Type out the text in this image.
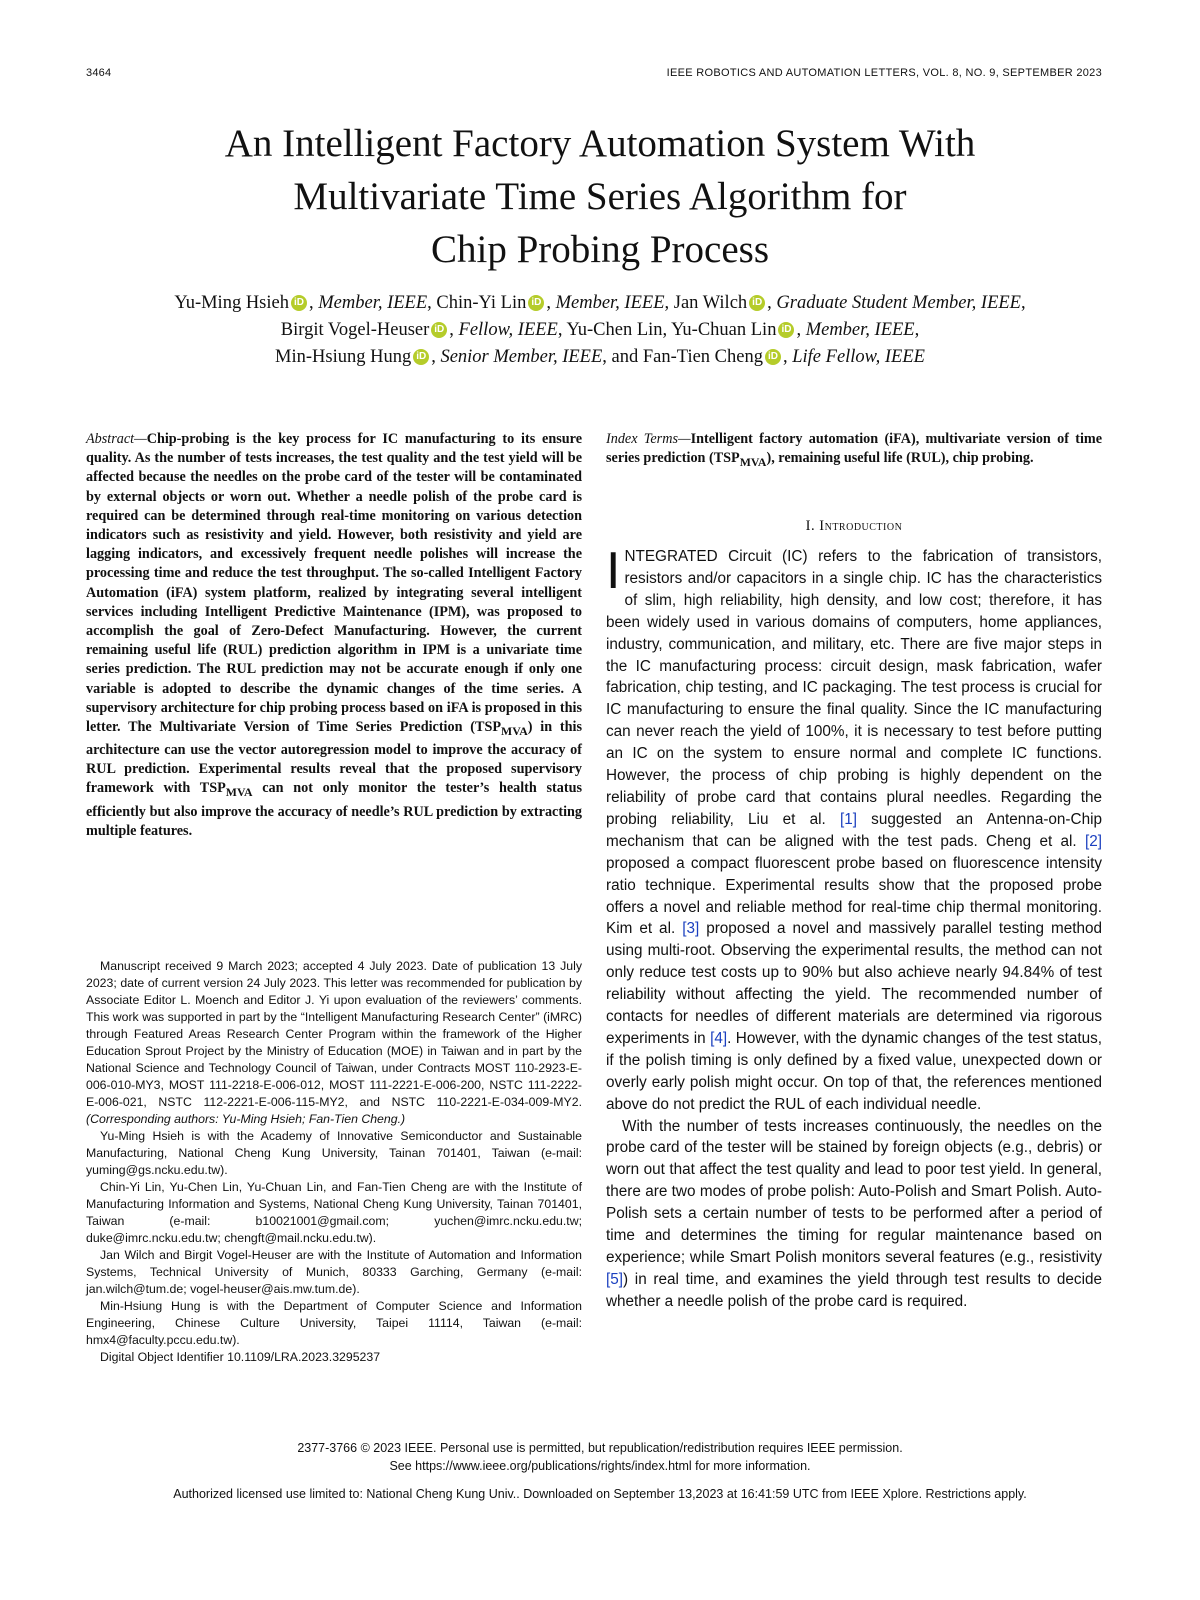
3464	IEEE ROBOTICS AND AUTOMATION LETTERS, VOL. 8, NO. 9, SEPTEMBER 2023
An Intelligent Factory Automation System With
Multivariate Time Series Algorithm for
Chip Probing Process
Yu-Ming Hsieh iD , Member, IEEE, Chin-Yi Lin iD , Member, IEEE, Jan Wilch iD , Graduate Student Member, IEEE,
Birgit Vogel-Heuser iD , Fellow, IEEE, Yu-Chen Lin, Yu-Chuan Lin iD , Member, IEEE,
Min-Hsiung Hung iD , Senior Member, IEEE, and Fan-Tien Cheng iD , Life Fellow, IEEE
Abstract—Chip-probing is the key process for IC manufacturing to its ensure quality. As the number of tests increases, the test quality and the test yield will be affected because the needles on the probe card of the tester will be contaminated by external objects or worn out. Whether a needle polish of the probe card is required can be determined through real-time monitoring on various detection indicators such as resistivity and yield. However, both resistivity and yield are lagging indicators, and excessively frequent needle polishes will increase the processing time and reduce the test throughput. The so-called Intelligent Factory Automation (iFA) system platform, realized by integrating several intelligent services including Intelligent Predictive Maintenance (IPM), was proposed to accomplish the goal of Zero-Defect Manufacturing. However, the current remaining useful life (RUL) prediction algorithm in IPM is a univariate time series prediction. The RUL prediction may not be accurate enough if only one variable is adopted to describe the dynamic changes of the time series. A supervisory architecture for chip probing process based on iFA is proposed in this letter. The Multivariate Version of Time Series Prediction $(TSP_{MVA})$ in this architecture can use the vector autoregression model to improve the accuracy of RUL prediction. Experimental results reveal that the proposed supervisory framework with $TSP_{MVA}$ can not only monitor the tester’s health status efficiently but also improve the accuracy of needle’s RUL prediction by extracting multiple features.
Index Terms—Intelligent factory automation (iFA), multivariate version of time series prediction $(TSP_{MVA})$, remaining useful life (RUL), chip probing.
I. Introduction

INTEGRATED Circuit (IC) refers to the fabrication of transistors, resistors and/or capacitors in a single chip. IC has the characteristics of slim, high reliability, high density, and low cost; therefore, it has been widely used in various domains of computers, home appliances, industry, communication, and military, etc. There are five major steps in the IC manufacturing process: circuit design, mask fabrication, wafer fabrication, chip testing, and IC packaging. The test process is crucial for IC manufacturing to ensure the final quality. Since the IC manufacturing can never reach the yield of 100%, it is necessary to test before putting an IC on the system to ensure normal and complete IC functions. However, the process of chip probing is highly dependent on the reliability of probe card that contains plural needles. Regarding the probing reliability, Liu et al. [1] suggested an Antenna-on-Chip mechanism that can be aligned with the test pads. Cheng et al. [2] proposed a compact fluorescent probe based on fluorescence intensity ratio technique. Experimental results show that the proposed probe offers a novel and reliable method for real-time chip thermal monitoring. Kim et al. [3] proposed a novel and massively parallel testing method using multi-root. Observing the experimental results, the method can not only reduce test costs up to 90% but also achieve nearly 94.84% of test reliability without affecting the yield. The recommended number of contacts for needles of different materials are determined via rigorous experiments in [4]. However, with the dynamic changes of the test status, if the polish timing is only defined by a fixed value, unexpected down or overly early polish might occur. On top of that, the references mentioned above do not predict the RUL of each individual needle.

With the number of tests increases continuously, the needles on the probe card of the tester will be stained by foreign objects (e.g., debris) or worn out that affect the test quality and lead to poor test yield. In general, there are two modes of probe polish: Auto-Polish and Smart Polish. Auto-Polish sets a certain number of tests to be performed after a period of time and determines the timing for regular maintenance based on experience; while Smart Polish monitors several features (e.g., resistivity [5]) in real time, and examines the yield through test results to decide whether a needle polish of the probe card is required.

Manuscript received 9 March 2023; accepted 4 July 2023. Date of publication 13 July 2023; date of current version 24 July 2023. This letter was recommended for publication by Associate Editor L. Moench and Editor J. Yi upon evaluation of the reviewers’ comments. This work was supported in part by the “Intelligent Manufacturing Research Center” (iMRC) through Featured Areas Research Center Program within the framework of the Higher Education Sprout Project by the Ministry of Education (MOE) in Taiwan and in part by the National Science and Technology Council of Taiwan, under Contracts MOST 110-2923-E-006-010-MY3, MOST 111-2218-E-006-012, MOST 111-2221-E-006-200, NSTC 111-2222-E-006-021, NSTC 112-2221-E-006-115-MY2, and NSTC 110-2221-E-034-009-MY2. (Corresponding authors: Yu-Ming Hsieh; Fan-Tien Cheng.)

Yu-Ming Hsieh is with the Academy of Innovative Semiconductor and Sustainable Manufacturing, National Cheng Kung University, Tainan 701401, Taiwan (e-mail: yuming@gs.ncku.edu.tw).

Chin-Yi Lin, Yu-Chen Lin, Yu-Chuan Lin, and Fan-Tien Cheng are with the Institute of Manufacturing Information and Systems, National Cheng Kung University, Tainan 701401, Taiwan (e-mail: b10021001@gmail.com; yuchen@imrc.ncku.edu.tw; duke@imrc.ncku.edu.tw; chengft@mail.ncku.edu.tw).

Jan Wilch and Birgit Vogel-Heuser are with the Institute of Automation and Information Systems, Technical University of Munich, 80333 Garching, Germany (e-mail: jan.wilch@tum.de; vogel-heuser@ais.mw.tum.de).

Min-Hsiung Hung is with the Department of Computer Science and Information Engineering, Chinese Culture University, Taipei 11114, Taiwan (e-mail: hmx4@faculty.pccu.edu.tw).

Digital Object Identifier 10.1109/LRA.2023.3295237

2377-3766 © 2023 IEEE. Personal use is permitted, but republication/redistribution requires IEEE permission.
See https://www.ieee.org/publications/rights/index.html for more information.
Authorized licensed use limited to: National Cheng Kung Univ.. Downloaded on September 13,2023 at 16:41:59 UTC from IEEE Xplore. Restrictions apply.
